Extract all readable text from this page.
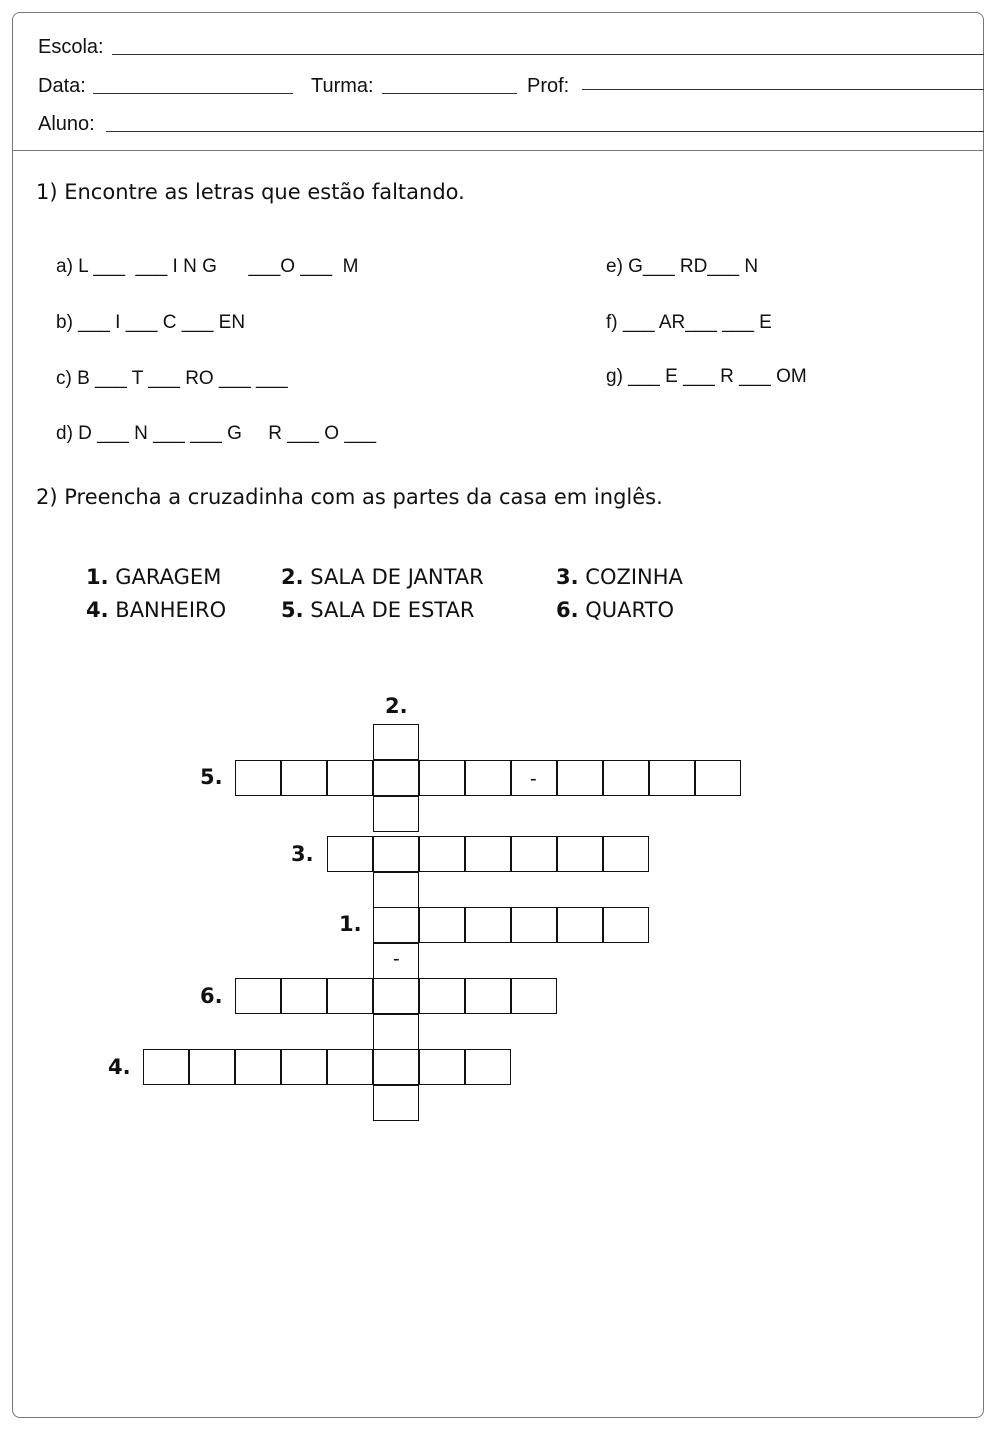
Escola:
Data:	Turma:	Prof:
Aluno:
1) Encontre as letras que estão faltando.
a) L ___  ___ I N G      ___O ___  M
b) ___ I ___ C ___ EN
c) B ___ T ___ RO ___ ___
d) D ___ N ___ ___ G     R ___ O ___
e) G___ RD___ N
f) ___ AR___ ___ E
g) ___ E ___ R ___ OM
2) Preencha a cruzadinha com as partes da casa em inglês.
1. GARAGEM	2. SALA DE JANTAR	3. COZINHA
4. BANHEIRO	5. SALA DE ESTAR	6. QUARTO
2.
5.
3.
1.
6.
4.
-
-
